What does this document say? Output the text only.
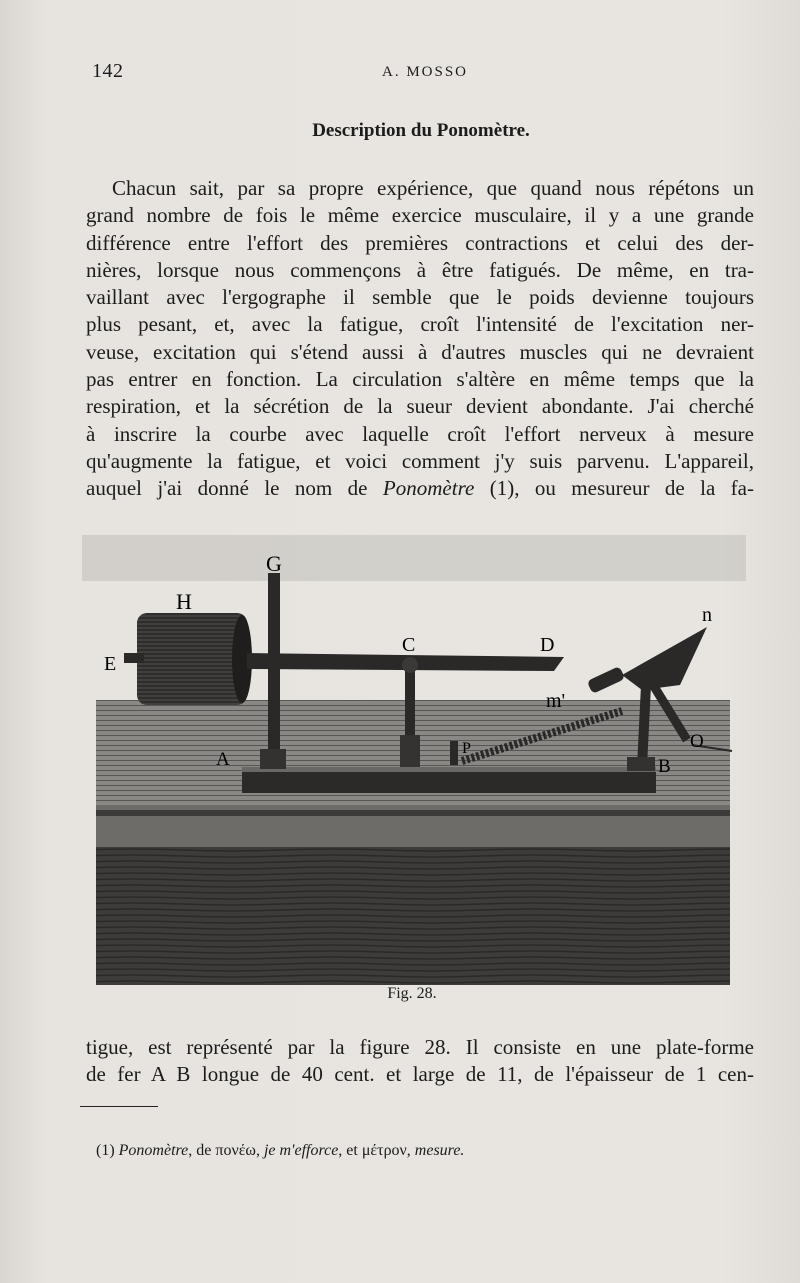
142	A. MOSSO
Description du Ponomètre.
Chacun sait, par sa propre expérience, que quand nous répétons un
grand nombre de fois le même exercice musculaire, il y a une grande
différence entre l'effort des premières contractions et celui des der-
nières, lorsque nous commençons à être fatigués. De même, en tra-
vaillant avec l'ergographe il semble que le poids devienne toujours
plus pesant, et, avec la fatigue, croît l'intensité de l'excitation ner-
veuse, excitation qui s'étend aussi à d'autres muscles qui ne devraient
pas entrer en fonction. La circulation s'altère en même temps que la
respiration, et la sécrétion de la sueur devient abondante. J'ai cherché
à inscrire la courbe avec laquelle croît l'effort nerveux à mesure
qu'augmente la fatigue, et voici comment j'y suis parvenu. L'appareil,
auquel j'ai donné le nom de Ponomètre (1), ou mesureur de la fa-
G
H
E
C	D
n
m'
A
P
B
O
Fig. 28.
tigue, est représenté par la figure 28. Il consiste en une plate-forme
de fer A B longue de 40 cent. et large de 11, de l'épaisseur de 1 cen-
(1) Ponomètre, de πονέω, je m'efforce, et μέτρον, mesure.
